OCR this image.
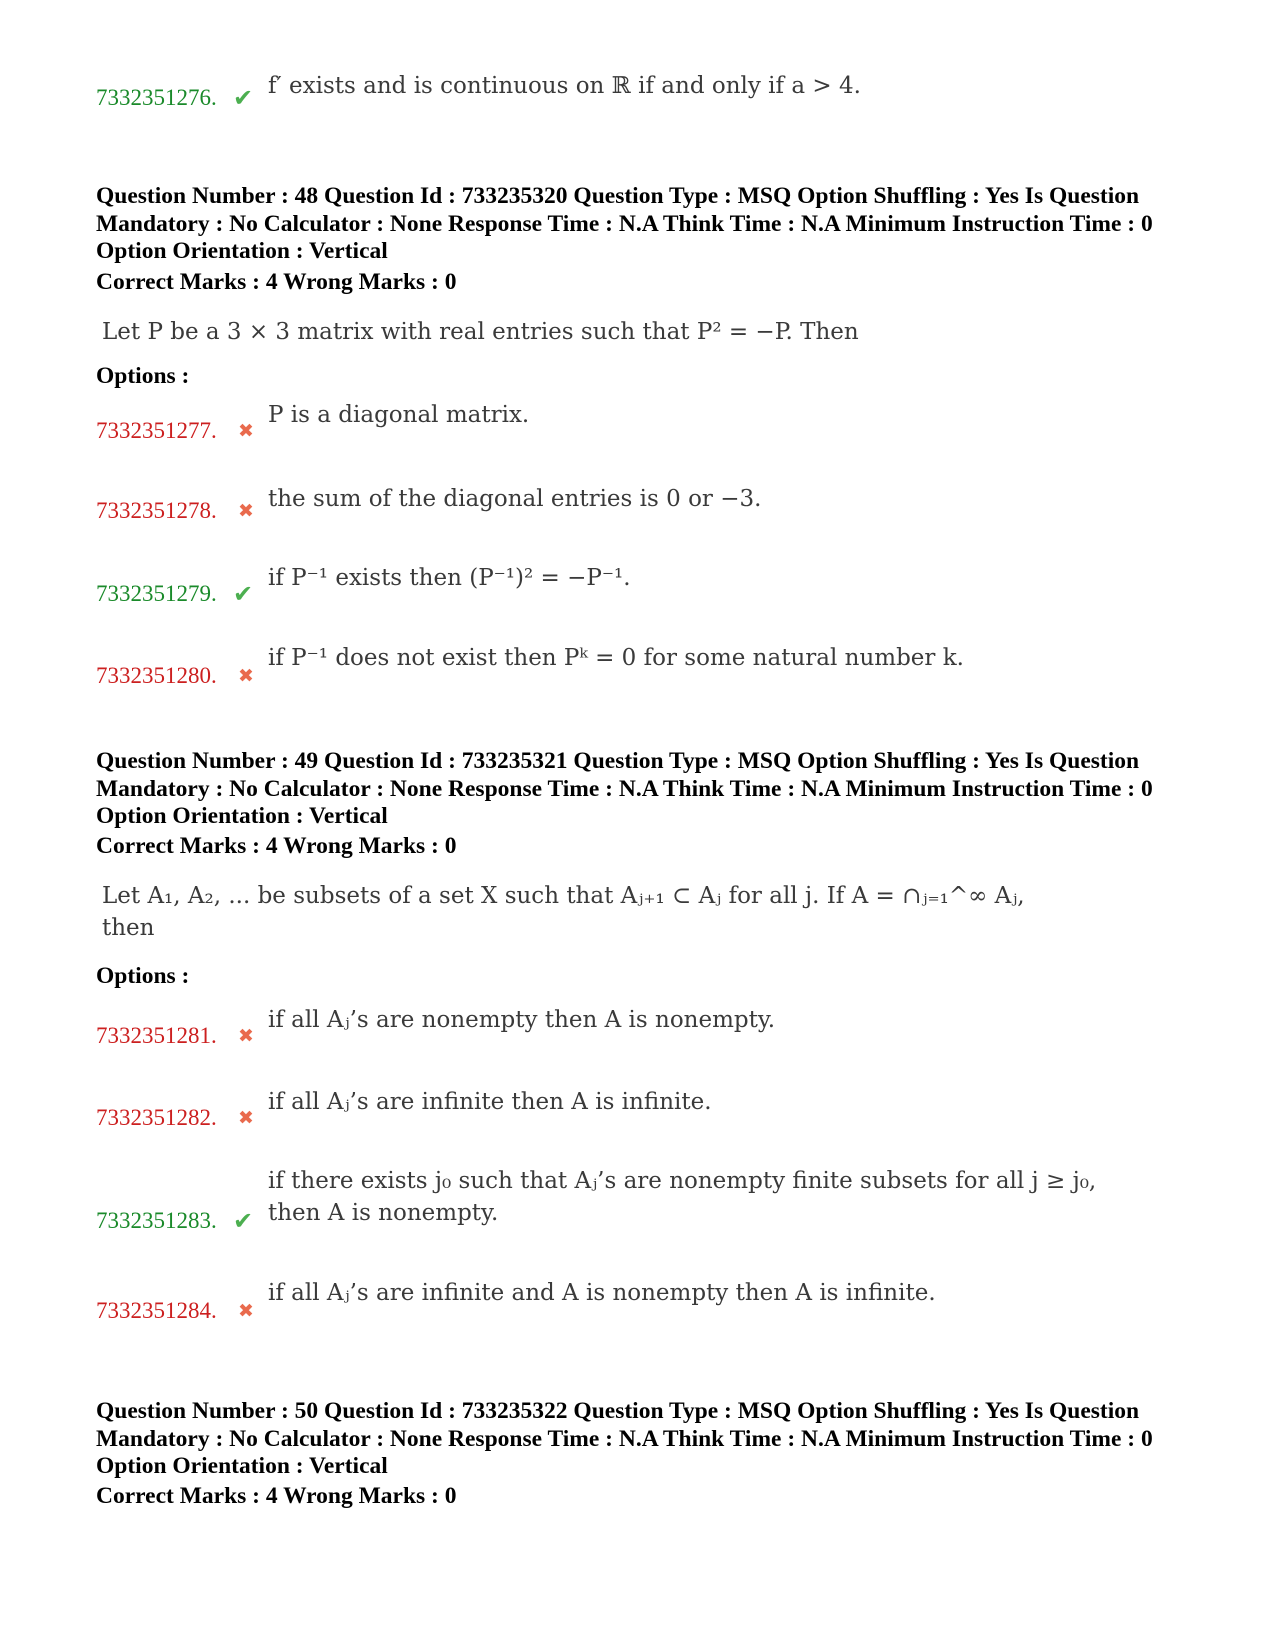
7332351276. ✔ f′ exists and is continuous on ℝ if and only if a > 4.
Question Number : 48 Question Id : 733235320 Question Type : MSQ Option Shuffling : Yes Is Question Mandatory : No Calculator : None Response Time : N.A Think Time : N.A Minimum Instruction Time : 0 Option Orientation : Vertical
Correct Marks : 4 Wrong Marks : 0
Let P be a 3 × 3 matrix with real entries such that P² = −P. Then
Options :
7332351277. ✖
P is a diagonal matrix.
7332351278. ✖ the sum of the diagonal entries is 0 or −3.
7332351279. ✔
if P⁻¹ exists then (P⁻¹)² = −P⁻¹.
7332351280. ✖
if P⁻¹ does not exist then Pᵏ = 0 for some natural number k.
Question Number : 49 Question Id : 733235321 Question Type : MSQ Option Shuffling : Yes Is Question Mandatory : No Calculator : None Response Time : N.A Think Time : N.A Minimum Instruction Time : 0 Option Orientation : Vertical
Correct Marks : 4 Wrong Marks : 0
Let A₁, A₂, ... be subsets of a set X such that Aⱼ₊₁ ⊂ Aⱼ for all j. If A = ∩ⱼ₌₁^∞ Aⱼ, then
Options :
7332351281. ✖
if all Aⱼ’s are nonempty then A is nonempty.
7332351282. ✖
if all Aⱼ’s are infinite then A is infinite.
7332351283. ✔
if there exists j₀ such that Aⱼ’s are nonempty finite subsets for all j ≥ j₀, then A is nonempty.
7332351284. ✖
if all Aⱼ’s are infinite and A is nonempty then A is infinite.
Question Number : 50 Question Id : 733235322 Question Type : MSQ Option Shuffling : Yes Is Question Mandatory : No Calculator : None Response Time : N.A Think Time : N.A Minimum Instruction Time : 0 Option Orientation : Vertical
Correct Marks : 4 Wrong Marks : 0
